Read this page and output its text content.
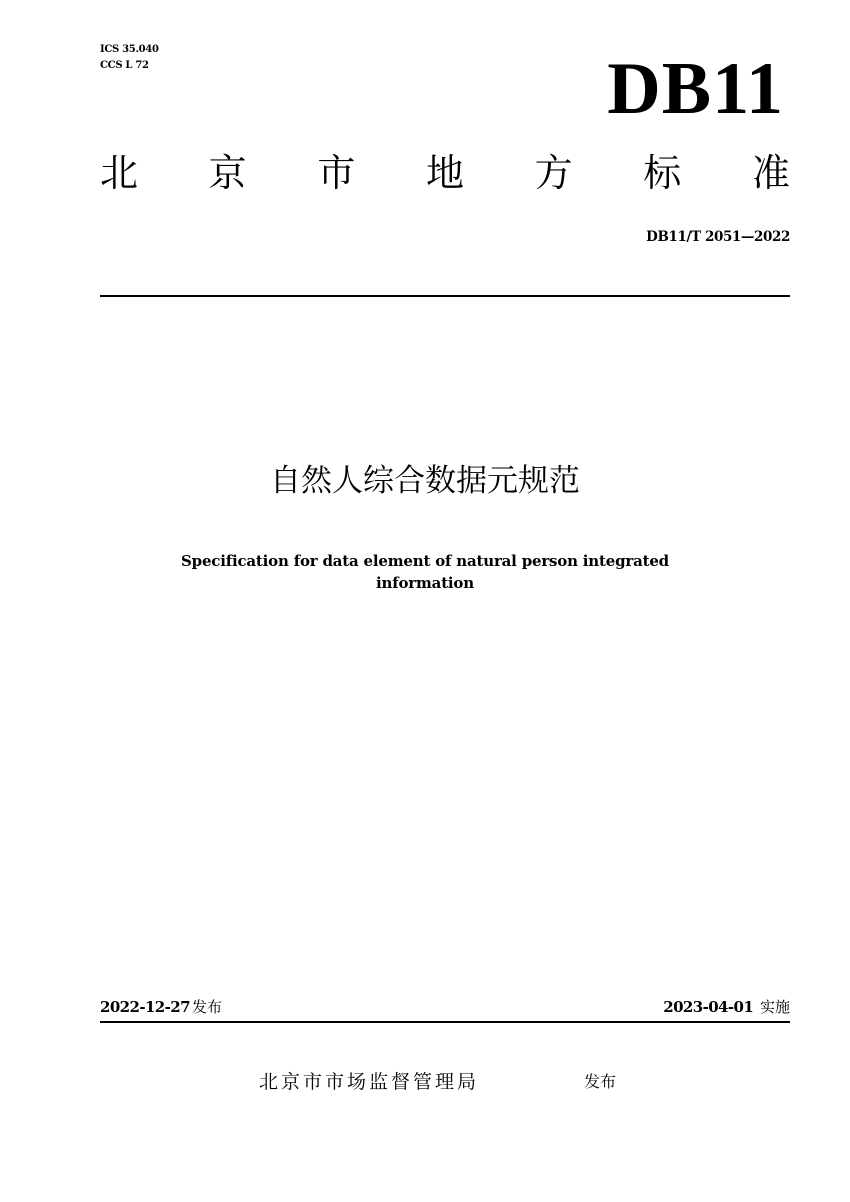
ICS 35.040
CCS L 72	DB11
北 京 市 地 方 标 准
DB11/T 2051—2022
自然人综合数据元规范
Specification for data element of natural person integrated information
2022-12-27 发布	2023-04-01 实施
北京市市场监督管理局	发布
